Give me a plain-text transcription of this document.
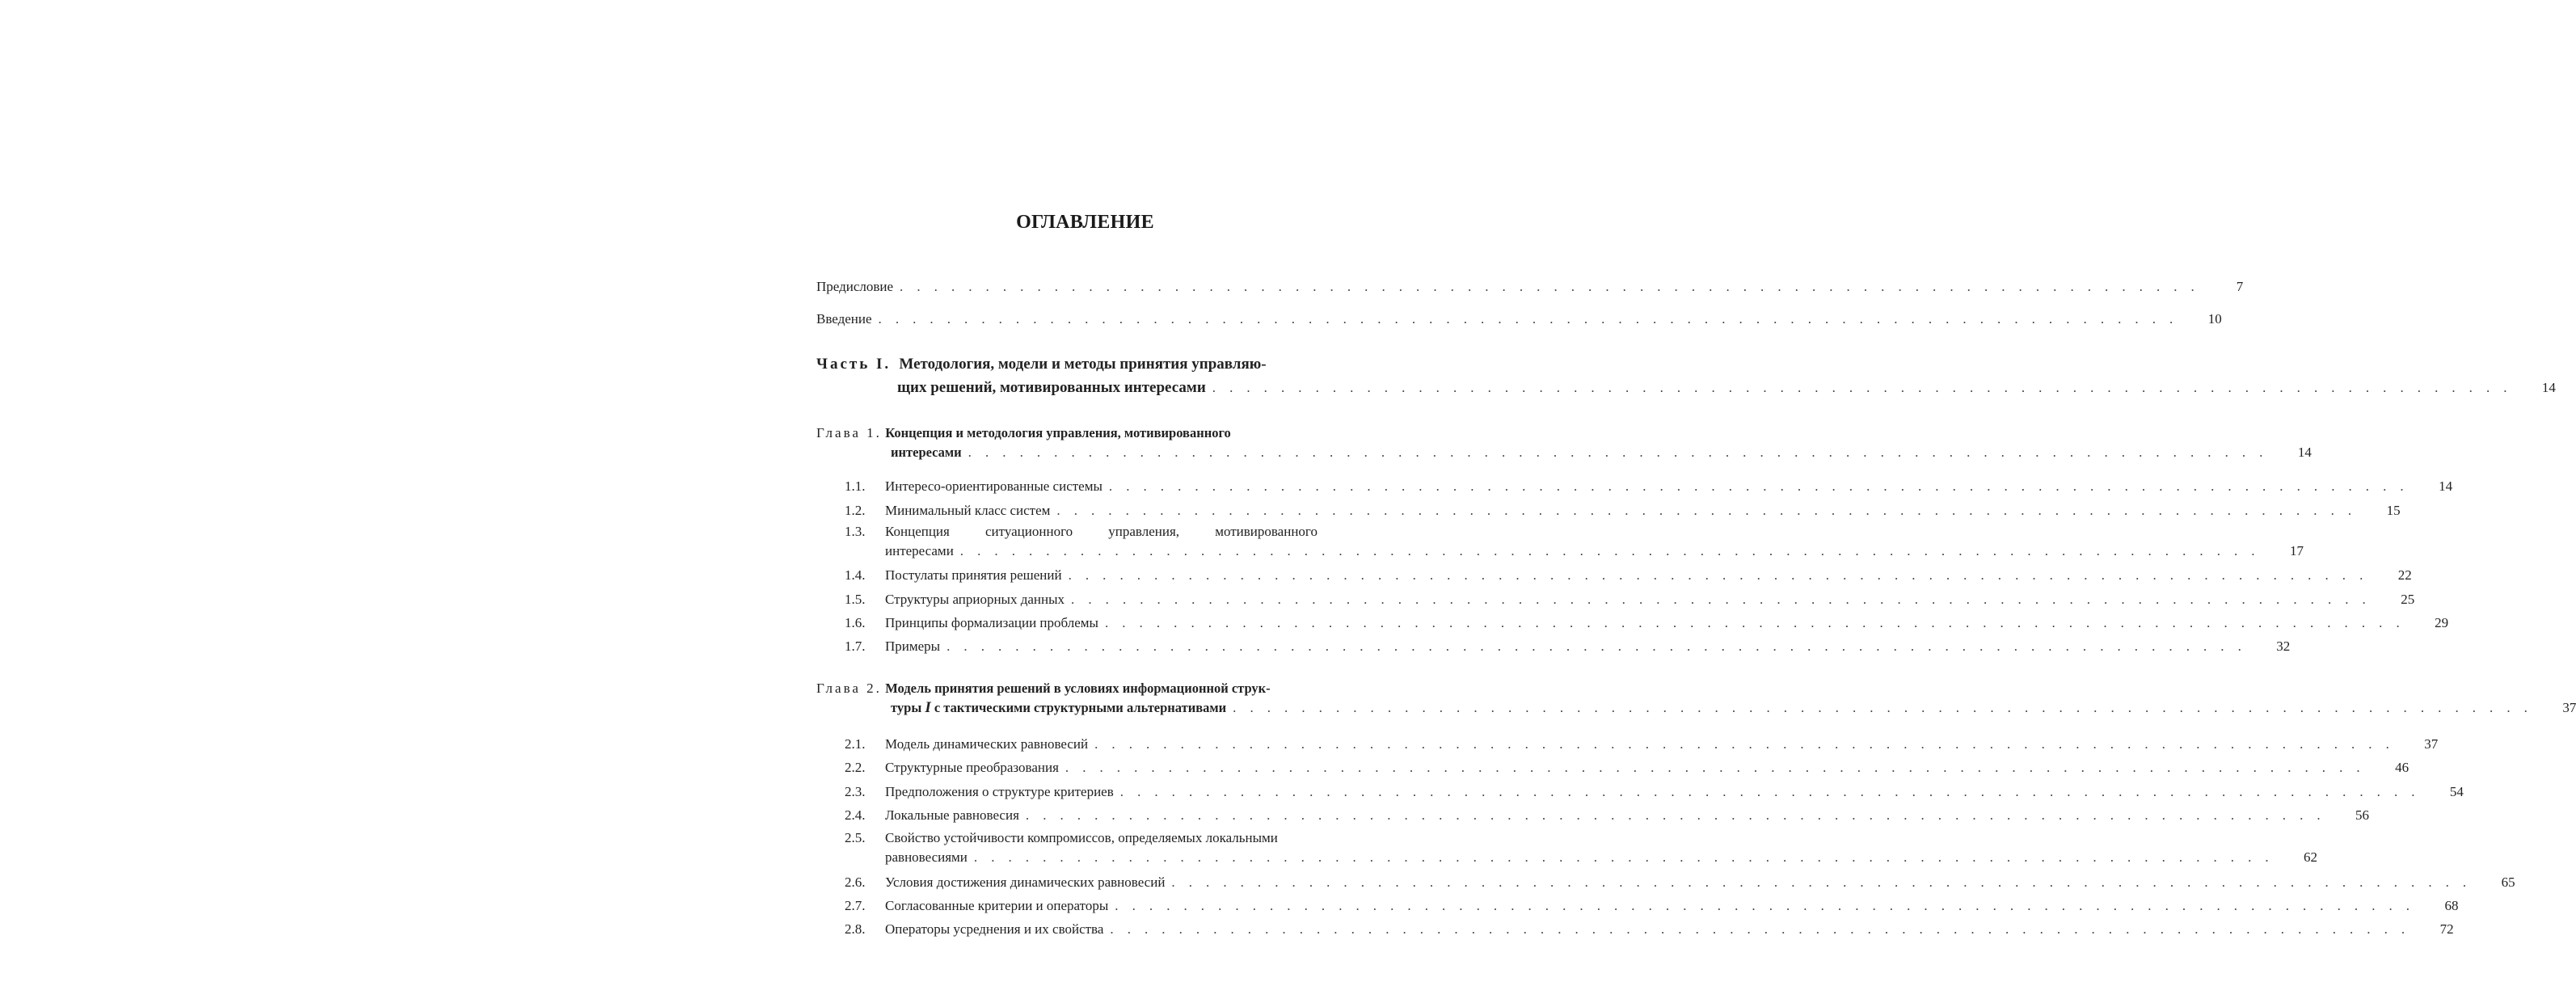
ОГЛАВЛЕНИЕ
Предисловие . . . . . . . . . . . . . . . . . . . . . . . . . . . . . . . . . . . . . . . . . . . . . . . . . . . . . . . . . . . . . . . . . . . . . . . . . . . .	7
Введение . . . . . . . . . . . . . . . . . . . . . . . . . . . . . . . . . . . . . . . . . . . . . . . . . . . . . . . . . . . . . . . . . . . . . . . . . . . .	10
Часть I. Методология, модели и методы принятия управляю-
щих решений, мотивированных интересами . . . . . . . . . . . . . . . . . . . . . . . . . . . . . . . . . . . . . . . . . . . . . . . . . . . . . . . . . . . . . . . . . . . . . . . . . . . .	14
Глава 1. Концепция и методология управления, мотивированного
интересами . . . . . . . . . . . . . . . . . . . . . . . . . . . . . . . . . . . . . . . . . . . . . . . . . . . . . . . . . . . . . . . . . . . . . . . . . . . .	14
1.1. Интересо-ориентированные системы . . . . . . . . . . . . . . . . . . . . . . . . . . . . . . . . . . . . . . . . . . . . . . . . . . . . . . . . . . . . . . . . . . . . . . . . . . . .	14
1.2. Минимальный класс систем . . . . . . . . . . . . . . . . . . . . . . . . . . . . . . . . . . . . . . . . . . . . . . . . . . . . . . . . . . . . . . . . . . . . . . . . . . . .	15
1.3.	Концепция	ситуационного	управления,	мотивированного
интересами . . . . . . . . . . . . . . . . . . . . . . . . . . . . . . . . . . . . . . . . . . . . . . . . . . . . . . . . . . . . . . . . . . . . . . . . . . . .	17
1.4. Постулаты принятия решений . . . . . . . . . . . . . . . . . . . . . . . . . . . . . . . . . . . . . . . . . . . . . . . . . . . . . . . . . . . . . . . . . . . . . . . . . . . .	22
1.5. Структуры априорных данных . . . . . . . . . . . . . . . . . . . . . . . . . . . . . . . . . . . . . . . . . . . . . . . . . . . . . . . . . . . . . . . . . . . . . . . . . . . .	25
1.6. Принципы формализации проблемы . . . . . . . . . . . . . . . . . . . . . . . . . . . . . . . . . . . . . . . . . . . . . . . . . . . . . . . . . . . . . . . . . . . . . . . . . . . .	29
1.7. Примеры . . . . . . . . . . . . . . . . . . . . . . . . . . . . . . . . . . . . . . . . . . . . . . . . . . . . . . . . . . . . . . . . . . . . . . . . . . . .	32
Глава 2. Модель принятия решений в условиях информационной струк-
туры I с тактическими структурными альтернативами . . . . . . . . . . . . . . . . . . . . . . . . . . . . . . . . . . . . . . . . . . . . . . . . . . . . . . . . . . . . . . . . . . . . . . . . . . . .	37
2.1. Модель динамических равновесий . . . . . . . . . . . . . . . . . . . . . . . . . . . . . . . . . . . . . . . . . . . . . . . . . . . . . . . . . . . . . . . . . . . . . . . . . . . .	37
2.2. Структурные преобразования . . . . . . . . . . . . . . . . . . . . . . . . . . . . . . . . . . . . . . . . . . . . . . . . . . . . . . . . . . . . . . . . . . . . . . . . . . . .	46
2.3. Предположения о структуре критериев . . . . . . . . . . . . . . . . . . . . . . . . . . . . . . . . . . . . . . . . . . . . . . . . . . . . . . . . . . . . . . . . . . . . . . . . . . . .	54
2.4. Локальные равновесия . . . . . . . . . . . . . . . . . . . . . . . . . . . . . . . . . . . . . . . . . . . . . . . . . . . . . . . . . . . . . . . . . . . . . . . . . . . .	56
2.5. Свойство устойчивости компромиссов, определяемых локальными
равновесиями . . . . . . . . . . . . . . . . . . . . . . . . . . . . . . . . . . . . . . . . . . . . . . . . . . . . . . . . . . . . . . . . . . . . . . . . . . . .	62
2.6. Условия достижения динамических равновесий . . . . . . . . . . . . . . . . . . . . . . . . . . . . . . . . . . . . . . . . . . . . . . . . . . . . . . . . . . . . . . . . . . . . . . . . . . . .	65
2.7. Согласованные критерии и операторы . . . . . . . . . . . . . . . . . . . . . . . . . . . . . . . . . . . . . . . . . . . . . . . . . . . . . . . . . . . . . . . . . . . . . . . . . . . .	68
2.8. Операторы усреднения и их свойства . . . . . . . . . . . . . . . . . . . . . . . . . . . . . . . . . . . . . . . . . . . . . . . . . . . . . . . . . . . . . . . . . . . . . . . . . . . .	72
